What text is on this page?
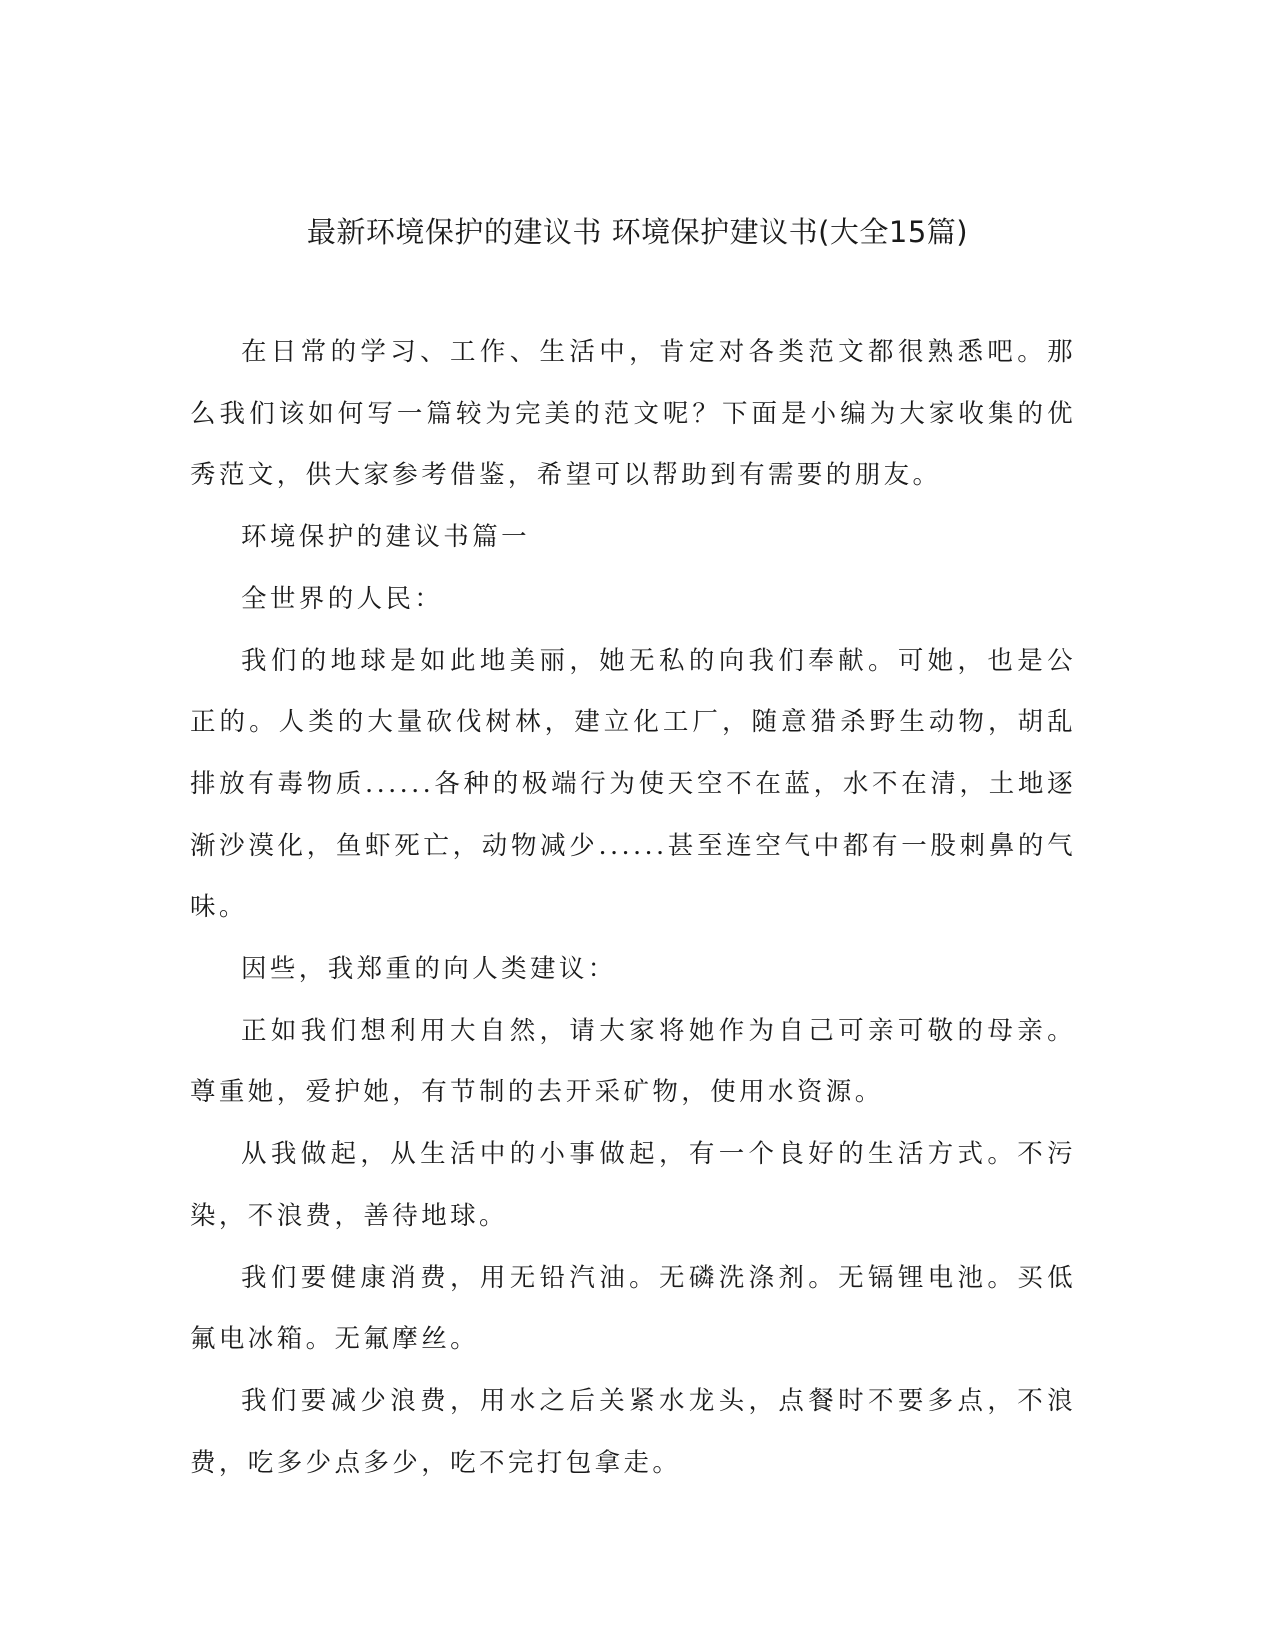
最新环境保护的建议书 环境保护建议书(大全15篇)

在日常的学习、工作、生活中，肯定对各类范文都很熟悉吧。那么我们该如何写一篇较为完美的范文呢？下面是小编为大家收集的优秀范文，供大家参考借鉴，希望可以帮助到有需要的朋友。

环境保护的建议书篇一

全世界的人民：

我们的地球是如此地美丽，她无私的向我们奉献。可她，也是公正的。人类的大量砍伐树林，建立化工厂，随意猎杀野生动物，胡乱排放有毒物质......各种的极端行为使天空不在蓝，水不在清，土地逐渐沙漠化，鱼虾死亡，动物减少......甚至连空气中都有一股刺鼻的气味。

因些，我郑重的向人类建议：

正如我们想利用大自然，请大家将她作为自己可亲可敬的母亲。尊重她，爱护她，有节制的去开采矿物，使用水资源。

从我做起，从生活中的小事做起，有一个良好的生活方式。不污染，不浪费，善待地球。

我们要健康消费，用无铅汽油。无磷洗涤剂。无镉锂电池。买低氟电冰箱。无氟摩丝。

我们要减少浪费，用水之后关紧水龙头，点餐时不要多点，不浪费，吃多少点多少，吃不完打包拿走。
